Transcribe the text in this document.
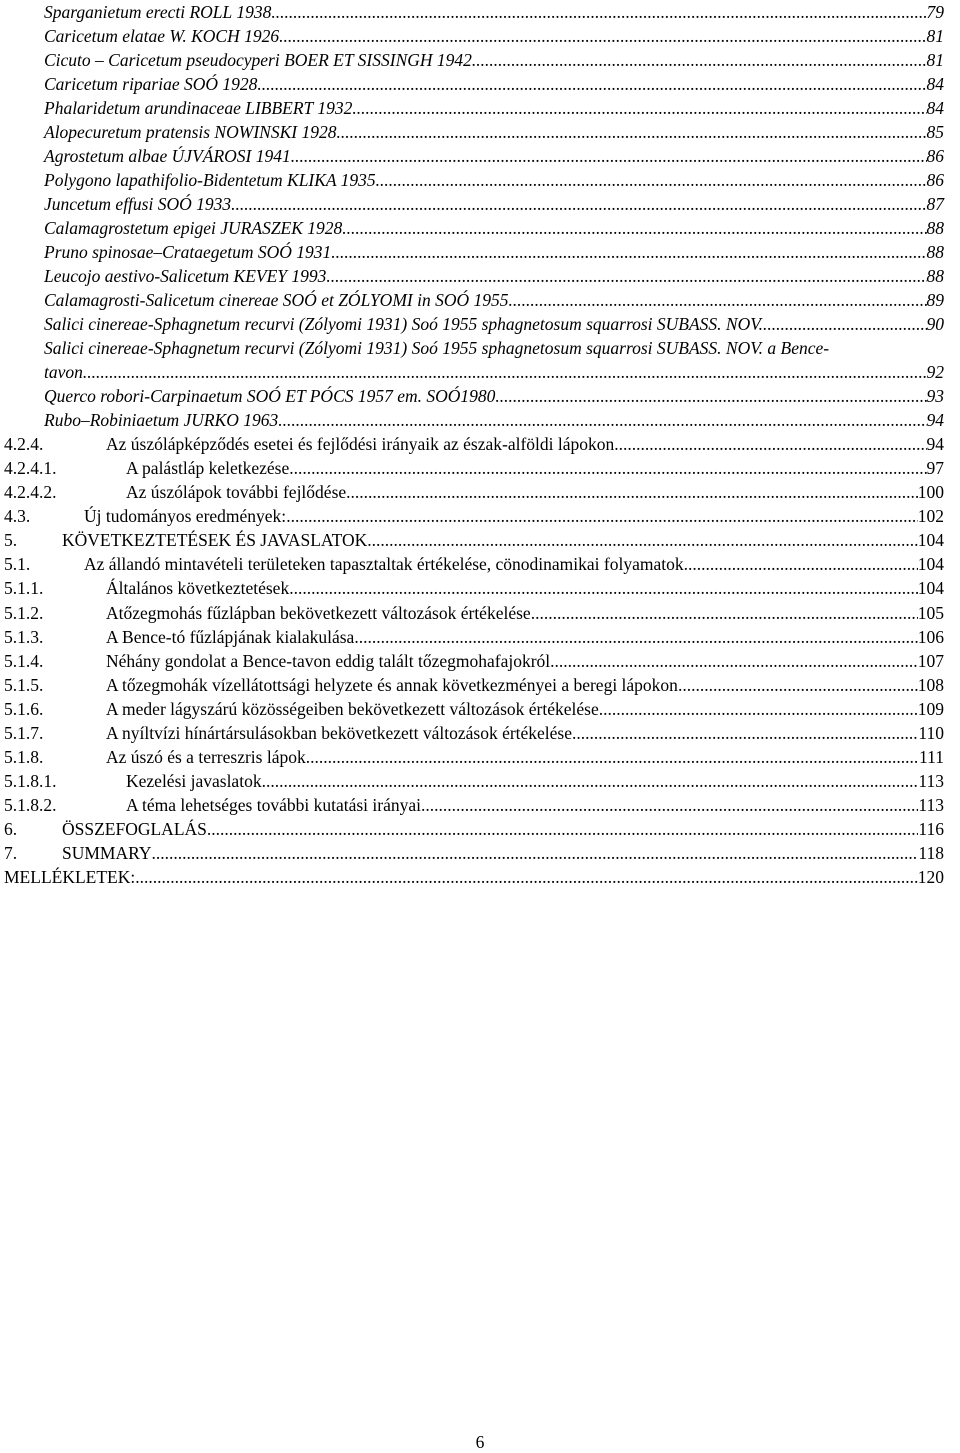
Sparganietum erecti ROLL 1938 .....	79
Caricetum elatae W. KOCH 1926 .....	81
Cicuto – Caricetum pseudocyperi BOER ET SISSINGH 1942 .....	81
Caricetum ripariae SOÓ 1928 .....	84
Phalaridetum arundinaceae LIBBERT 1932 .....	84
Alopecuretum pratensis NOWINSKI 1928 .....	85
Agrostetum albae ÚJVÁROSI 1941 .....	86
Polygono lapathifolio-Bidentetum KLIKA 1935 .....	86
Juncetum effusi SOÓ 1933 .....	87
Calamagrostetum epigei JURASZEK 1928 .....	88
Pruno spinosae–Crataegetum SOÓ 1931 .....	88
Leucojo aestivo-Salicetum KEVEY 1993 .....	88
Calamagrosti-Salicetum cinereae SOÓ et ZÓLYOMI in SOÓ 1955 .....	89
Salici cinereae-Sphagnetum recurvi (Zólyomi 1931) Soó 1955 sphagnetosum squarrosi SUBASS. NOV. .....	90
Salici cinereae-Sphagnetum recurvi (Zólyomi 1931) Soó 1955 sphagnetosum squarrosi SUBASS. NOV. a Bence-
tavon .....	92
Querco robori-Carpinaetum SOÓ ET PÓCS 1957 em. SOÓ1980 .....	93
Rubo–Robiniaetum JURKO 1963 .....	94
4.2.4.	Az úszólápképződés esetei és fejlődési irányaik az észak-alföldi lápokon .....	94
4.2.4.1.	A palástláp keletkezése .....	97
4.2.4.2.	Az úszólápok további fejlődése .....	100
4.3.	Új tudományos eredmények: .....	102
5.	KÖVETKEZTETÉSEK ÉS JAVASLATOK .....	104
5.1.	Az állandó mintavételi területeken tapasztaltak értékelése, cönodinamikai folyamatok .....	104
5.1.1.	Általános következtetések .....	104
5.1.2.	Atőzegmohás fűzlápban bekövetkezett változások értékelése .....	105
5.1.3.	A Bence-tó fűzlápjának kialakulása .....	106
5.1.4.	Néhány gondolat a Bence-tavon eddig talált tőzegmohafajokról .....	107
5.1.5.	A tőzegmohák vízellátottsági helyzete és annak következményei a beregi lápokon .....	108
5.1.6.	A meder lágyszárú közösségeiben bekövetkezett változások értékelése .....	109
5.1.7.	A nyíltvízi hínártársulásokban bekövetkezett változások értékelése .....	110
5.1.8.	Az úszó és a terreszris lápok .....	111
5.1.8.1.	Kezelési javaslatok .....	113
5.1.8.2.	A téma lehetséges további kutatási irányai .....	113
6.	ÖSSZEFOGLALÁS .....	116
7.	SUMMARY .....	118
MELLÉKLETEK: .....	120
6
